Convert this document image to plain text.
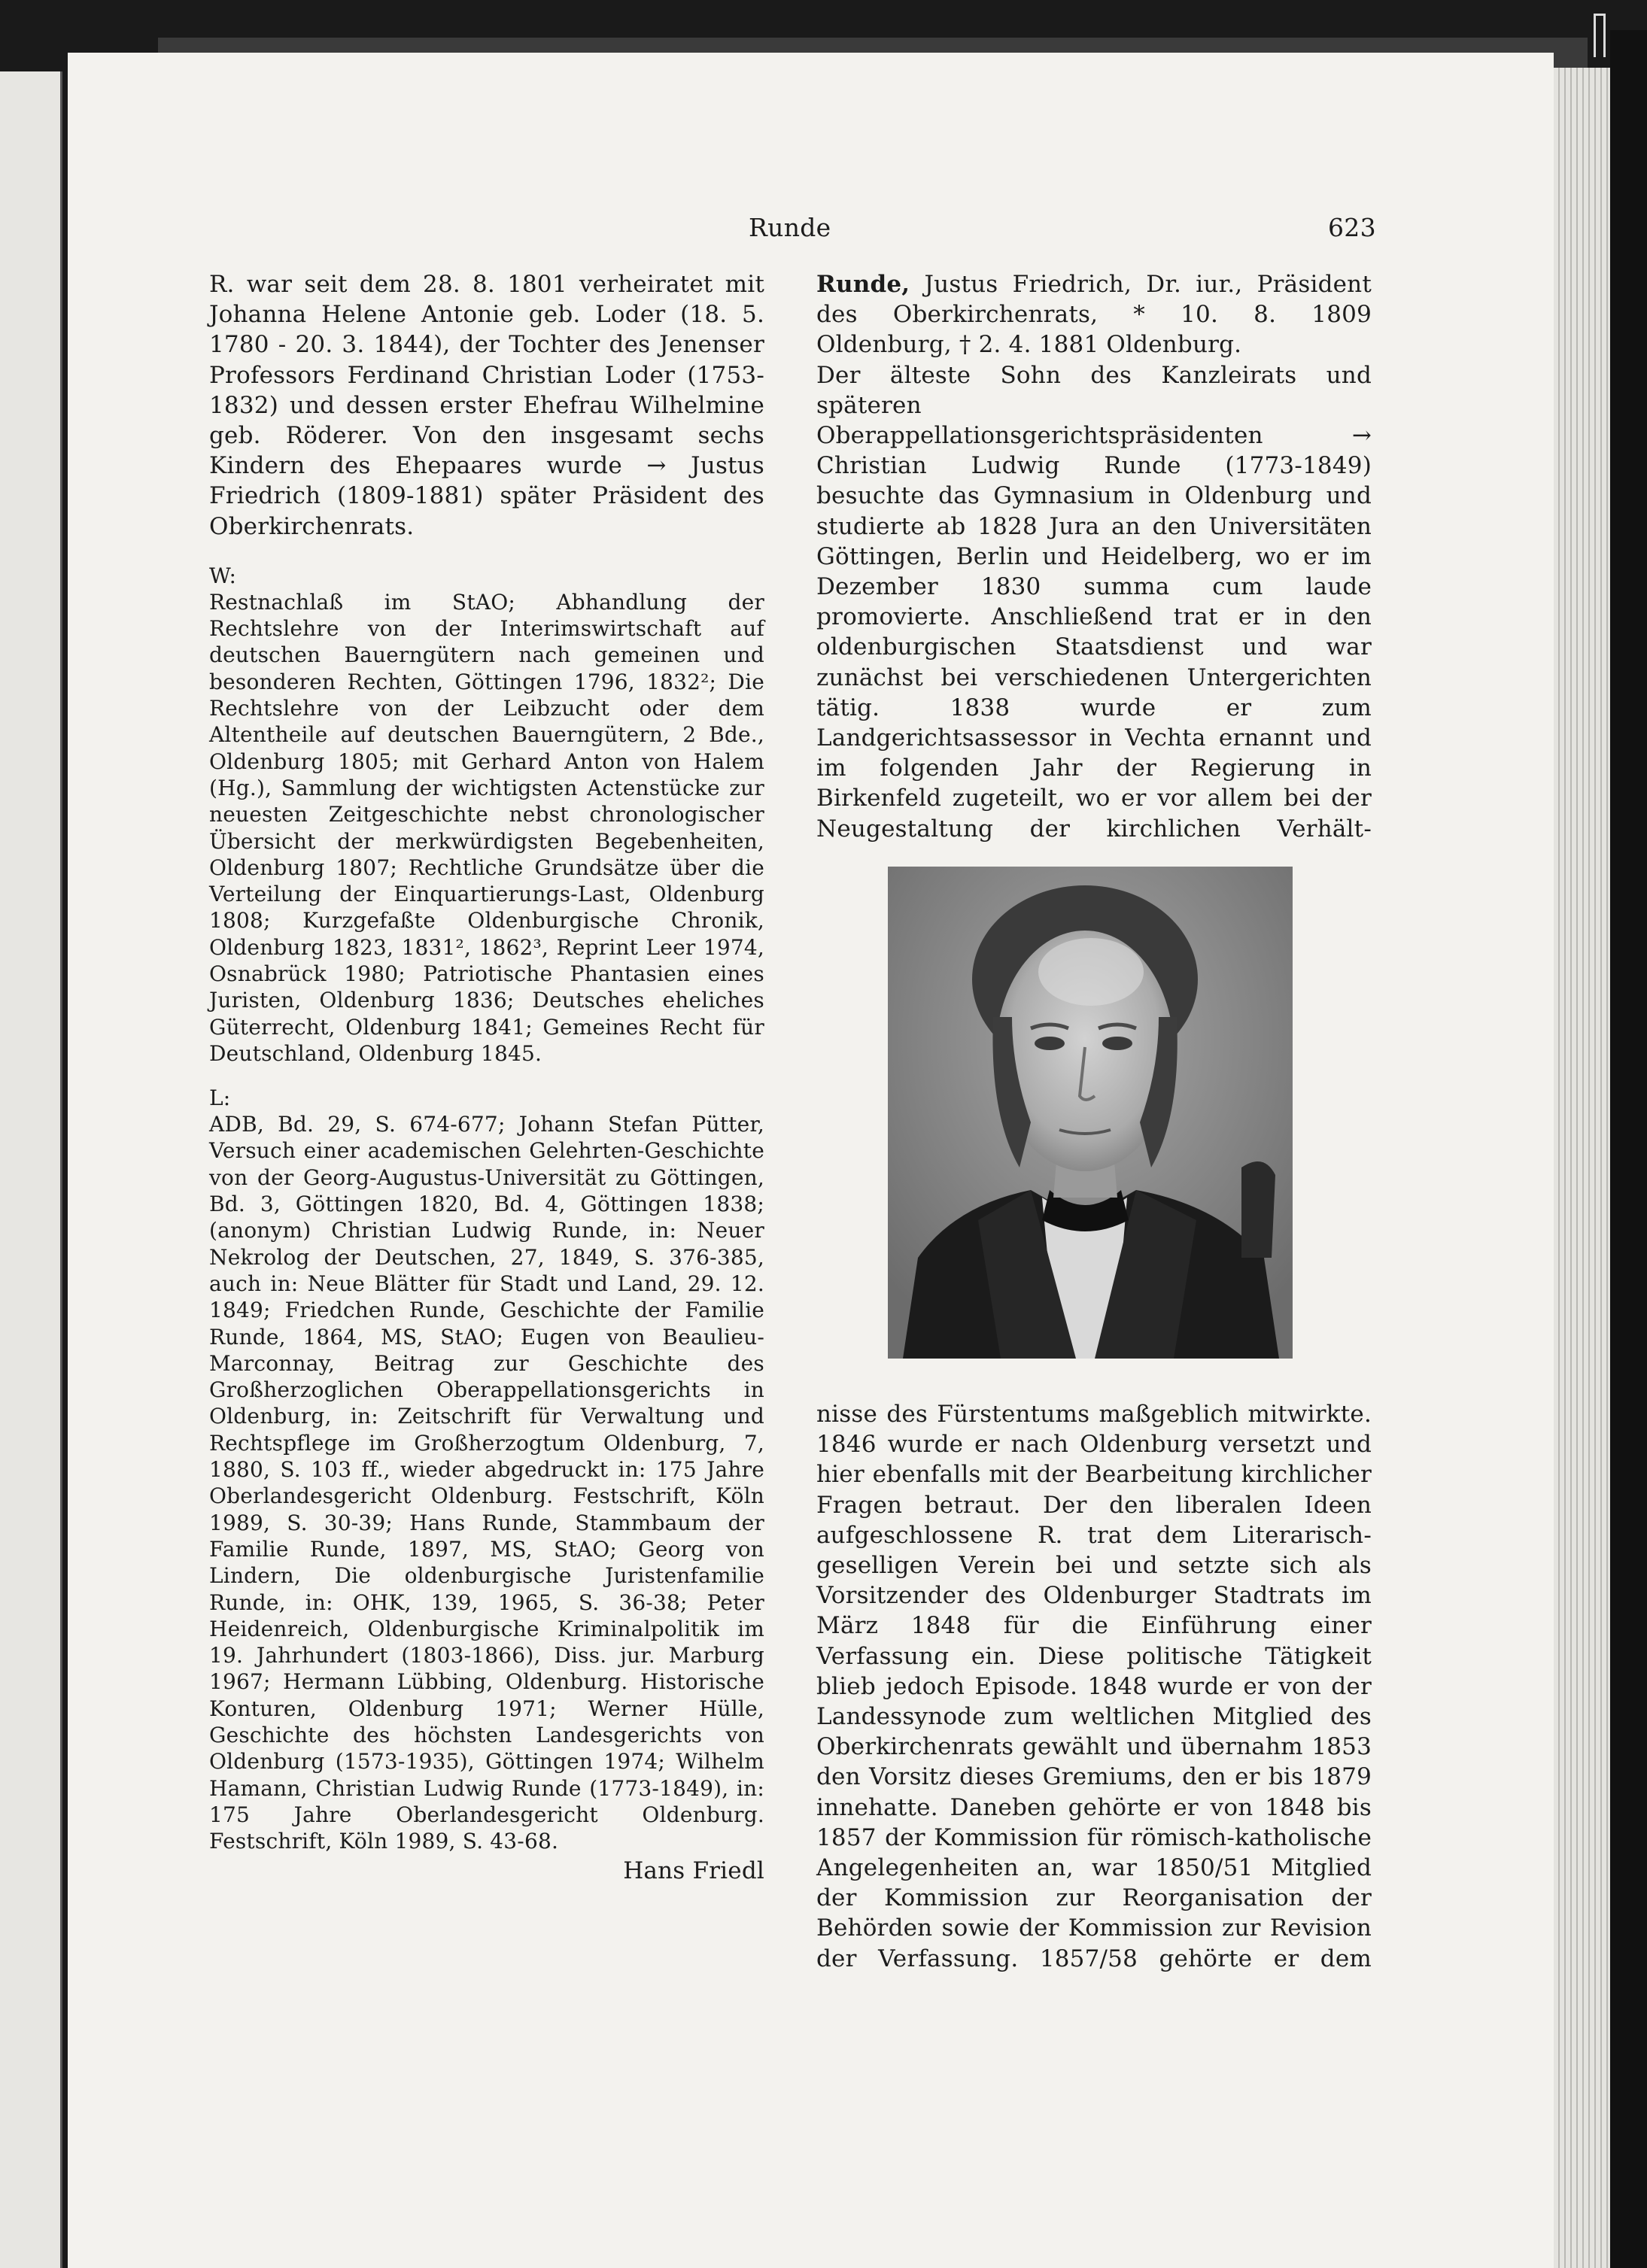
Runde	623

R. war seit dem 28. 8. 1801 verheiratet mit Johanna Helene Antonie geb. Loder (18. 5. 1780 - 20. 3. 1844), der Tochter des Jenenser Professors Ferdinand Christian Loder (1753-1832) und dessen erster Ehefrau Wilhelmine geb. Röderer. Von den insgesamt sechs Kindern des Ehepaares wurde → Justus Friedrich (1809-1881) später Präsident des Oberkirchenrats.

W:

Restnachlaß im StAO; Abhandlung der Rechtslehre von der Interimswirtschaft auf deutschen Bauerngütern nach gemeinen und besonderen Rechten, Göttingen 1796, 1832²; Die Rechtslehre von der Leibzucht oder dem Altentheile auf deutschen Bauerngütern, 2 Bde., Oldenburg 1805; mit Gerhard Anton von Halem (Hg.), Sammlung der wichtigsten Actenstücke zur neuesten Zeitgeschichte nebst chronologischer Übersicht der merkwürdigsten Begebenheiten, Oldenburg 1807; Rechtliche Grundsätze über die Verteilung der Einquartierungs-Last, Oldenburg 1808; Kurzgefaßte Oldenburgische Chronik, Oldenburg 1823, 1831², 1862³, Reprint Leer 1974, Osnabrück 1980; Patriotische Phantasien eines Juristen, Oldenburg 1836; Deutsches eheliches Güterrecht, Oldenburg 1841; Gemeines Recht für Deutschland, Oldenburg 1845.

L:

ADB, Bd. 29, S. 674-677; Johann Stefan Pütter, Versuch einer academischen Gelehrten-Geschichte von der Georg-Augustus-Universität zu Göttingen, Bd. 3, Göttingen 1820, Bd. 4, Göttingen 1838; (anonym) Christian Ludwig Runde, in: Neuer Nekrolog der Deutschen, 27, 1849, S. 376-385, auch in: Neue Blätter für Stadt und Land, 29. 12. 1849; Friedchen Runde, Geschichte der Familie Runde, 1864, MS, StAO; Eugen von Beaulieu-Marconnay, Beitrag zur Geschichte des Großherzoglichen Oberappellationsgerichts in Oldenburg, in: Zeitschrift für Verwaltung und Rechtspflege im Großherzogtum Oldenburg, 7, 1880, S. 103 ff., wieder abgedruckt in: 175 Jahre Oberlandesgericht Oldenburg. Festschrift, Köln 1989, S. 30-39; Hans Runde, Stammbaum der Familie Runde, 1897, MS, StAO; Georg von Lindern, Die oldenburgische Juristenfamilie Runde, in: OHK, 139, 1965, S. 36-38; Peter Heidenreich, Oldenburgische Kriminalpolitik im 19. Jahrhundert (1803-1866), Diss. jur. Marburg 1967; Hermann Lübbing, Oldenburg. Historische Konturen, Oldenburg 1971; Werner Hülle, Geschichte des höchsten Landesgerichts von Oldenburg (1573-1935), Göttingen 1974; Wilhelm Hamann, Christian Ludwig Runde (1773-1849), in: 175 Jahre Oberlandesgericht Oldenburg. Festschrift, Köln 1989, S. 43-68.

Hans Friedl

Runde, Justus Friedrich, Dr. iur., Präsident des Oberkirchenrats, * 10. 8. 1809 Oldenburg, † 2. 4. 1881 Oldenburg.

Der älteste Sohn des Kanzleirats und späteren Oberappellationsgerichtspräsidenten → Christian Ludwig Runde (1773-1849) besuchte das Gymnasium in Oldenburg und studierte ab 1828 Jura an den Universitäten Göttingen, Berlin und Heidelberg, wo er im Dezember 1830 summa cum laude promovierte. Anschließend trat er in den oldenburgischen Staatsdienst und war zunächst bei verschiedenen Untergerichten tätig. 1838 wurde er zum Landgerichtsassessor in Vechta ernannt und im folgenden Jahr der Regierung in Birkenfeld zugeteilt, wo er vor allem bei der Neugestaltung der kirchlichen Verhält-

nisse des Fürstentums maßgeblich mitwirkte. 1846 wurde er nach Oldenburg versetzt und hier ebenfalls mit der Bearbeitung kirchlicher Fragen betraut. Der den liberalen Ideen aufgeschlossene R. trat dem Literarisch-geselligen Verein bei und setzte sich als Vorsitzender des Oldenburger Stadtrats im März 1848 für die Einführung einer Verfassung ein. Diese politische Tätigkeit blieb jedoch Episode. 1848 wurde er von der Landessynode zum weltlichen Mitglied des Oberkirchenrats gewählt und übernahm 1853 den Vorsitz dieses Gremiums, den er bis 1879 innehatte. Daneben gehörte er von 1848 bis 1857 der Kommission für römisch-katholische Angelegenheiten an, war 1850/51 Mitglied der Kommission zur Reorganisation der Behörden sowie der Kommission zur Revision der Verfassung. 1857/58 gehörte er dem
